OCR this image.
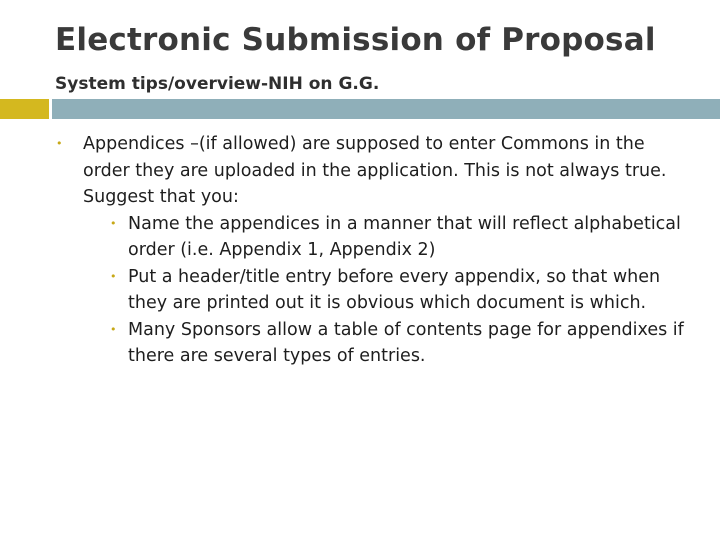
Electronic Submission of Proposal
System tips/overview-NIH on G.G.
• Appendices –(if allowed) are supposed to enter Commons in the order they are uploaded in the application. This is not always true. Suggest that you:
• Name the appendices in a manner that will reflect alphabetical order (i.e. Appendix 1, Appendix 2)
• Put a header/title entry before every appendix, so that when they are printed out it is obvious which document is which.
• Many Sponsors allow a table of contents page for appendixes if there are several types of entries.
